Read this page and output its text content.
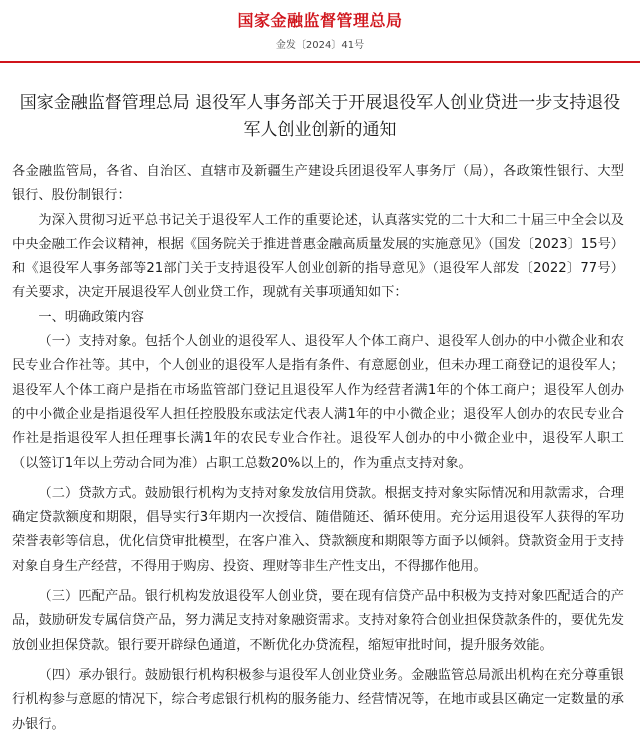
国家金融监督管理总局
金发〔2024〕41号
国家金融监督管理总局 退役军人事务部关于开展退役军人创业贷进一步支持退役军人创业创新的通知

各金融监管局，各省、自治区、直辖市及新疆生产建设兵团退役军人事务厅（局），各政策性银行、大型银行、股份制银行：

为深入贯彻习近平总书记关于退役军人工作的重要论述，认真落实党的二十大和二十届三中全会以及中央金融工作会议精神，根据《国务院关于推进普惠金融高质量发展的实施意见》（国发〔2023〕15号）和《退役军人事务部等21部门关于支持退役军人创业创新的指导意见》（退役军人部发〔2022〕77号）有关要求，决定开展退役军人创业贷工作，现就有关事项通知如下：

一、明确政策内容

（一）支持对象。包括个人创业的退役军人、退役军人个体工商户、退役军人创办的中小微企业和农民专业合作社等。其中，个人创业的退役军人是指有条件、有意愿创业，但未办理工商登记的退役军人；退役军人个体工商户是指在市场监管部门登记且退役军人作为经营者满1年的个体工商户；退役军人创办的中小微企业是指退役军人担任控股股东或法定代表人满1年的中小微企业；退役军人创办的农民专业合作社是指退役军人担任理事长满1年的农民专业合作社。退役军人创办的中小微企业中，退役军人职工（以签订1年以上劳动合同为准）占职工总数20%以上的，作为重点支持对象。

（二）贷款方式。鼓励银行机构为支持对象发放信用贷款。根据支持对象实际情况和用款需求，合理确定贷款额度和期限，倡导实行3年期内一次授信、随借随还、循环使用。充分运用退役军人获得的军功荣誉表彰等信息，优化信贷审批模型，在客户准入、贷款额度和期限等方面予以倾斜。贷款资金用于支持对象自身生产经营，不得用于购房、投资、理财等非生产性支出，不得挪作他用。

（三）匹配产品。银行机构发放退役军人创业贷，要在现有信贷产品中积极为支持对象匹配适合的产品，鼓励研发专属信贷产品，努力满足支持对象融资需求。支持对象符合创业担保贷款条件的，要优先发放创业担保贷款。银行要开辟绿色通道，不断优化办贷流程，缩短审批时间，提升服务效能。

（四）承办银行。鼓励银行机构积极参与退役军人创业贷业务。金融监管总局派出机构在充分尊重银行机构参与意愿的情况下，综合考虑银行机构的服务能力、经营情况等，在地市或县区确定一定数量的承办银行。
